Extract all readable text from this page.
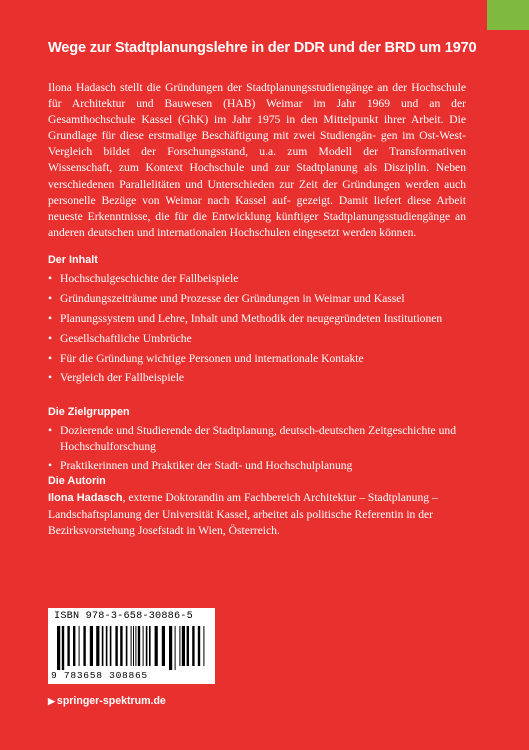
Wege zur Stadtplanungslehre in der DDR und der BRD um 1970

Ilona Hadasch stellt die Gründungen der Stadtplanungsstudiengänge an der Hochschule für Architektur und Bauwesen (HAB) Weimar im Jahr 1969 und an der Gesamthochschule Kassel (GhK) im Jahr 1975 in den Mittelpunkt ihrer Arbeit. Die Grundlage für diese erstmalige Beschäftigung mit zwei Studiengän- gen im Ost-West-Vergleich bildet der Forschungsstand, u.a. zum Modell der Transformativen Wissenschaft, zum Kontext Hochschule und zur Stadtplanung als Disziplin. Neben verschiedenen Parallelitäten und Unterschieden zur Zeit der Gründungen werden auch personelle Bezüge von Weimar nach Kassel auf- gezeigt. Damit liefert diese Arbeit neueste Erkenntnisse, die für die Entwicklung künftiger Stadtplanungsstudiengänge an anderen deutschen und internationalen Hochschulen eingesetzt werden können.

Der Inhalt
• Hochschulgeschichte der Fallbeispiele
• Gründungszeiträume und Prozesse der Gründungen in Weimar und Kassel
• Planungssystem und Lehre, Inhalt und Methodik der neugegründeten Institutionen
• Gesellschaftliche Umbrüche
• Für die Gründung wichtige Personen und internationale Kontakte
• Vergleich der Fallbeispiele
Die Zielgruppen
• Dozierende und Studierende der Stadtplanung, deutsch-deutschen Zeitgeschichte und Hochschulforschung
• Praktikerinnen und Praktiker der Stadt- und Hochschulplanung
Die Autorin

Ilona Hadasch, externe Doktorandin am Fachbereich Architektur – Stadtplanung – Landschaftsplanung der Universität Kassel, arbeitet als politische Referentin in der Bezirksvorstehung Josefstadt in Wien, Österreich.

ISBN 978-3-658-30886-5
9 783658 308865
▶ springer-spektrum.de
